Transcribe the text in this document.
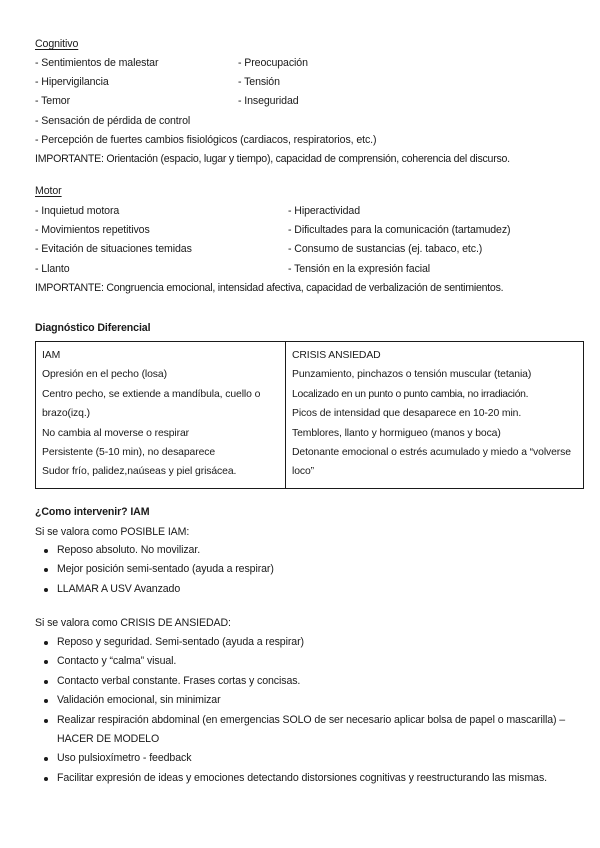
Cognitivo
- Sentimientos de malestar	- Preocupación
- Hipervigilancia	- Tensión
- Temor	- Inseguridad
- Sensación de pérdida de control
- Percepción de fuertes cambios fisiológicos (cardiacos, respiratorios, etc.)
IMPORTANTE: Orientación (espacio, lugar y tiempo), capacidad de comprensión, coherencia del discurso.
Motor
- Inquietud motora	- Hiperactividad
- Movimientos repetitivos	- Dificultades para la comunicación (tartamudez)
- Evitación de situaciones temidas	- Consumo de sustancias (ej. tabaco, etc.)
- Llanto	- Tensión en la expresión facial
IMPORTANTE: Congruencia emocional, intensidad afectiva, capacidad de verbalización de sentimientos.
Diagnóstico Diferencial
IAM
Opresión en el pecho (losa)
Centro pecho, se extiende a mandíbula, cuello o brazo(izq.)
No cambia al moverse o respirar
Persistente (5-10 min), no desaparece
Sudor frío, palidez,naúseas y piel grisácea.

CRISIS ANSIEDAD
Punzamiento, pinchazos o tensión muscular (tetania)
Localizado en un punto o punto cambia, no irradiación.
Picos de intensidad que desaparece en 10-20 min.
Temblores, llanto y hormigueo (manos y boca)
Detonante emocional o estrés acumulado y miedo a “volverse loco”
¿Como intervenir? IAM
Si se valora como POSIBLE IAM:
Reposo absoluto. No movilizar.
Mejor posición semi-sentado (ayuda a respirar)
LLAMAR A USV Avanzado
Si se valora como CRISIS DE ANSIEDAD:
Reposo y seguridad. Semi-sentado (ayuda a respirar)
Contacto y “calma” visual.
Contacto verbal constante. Frases cortas y concisas.
Validación emocional, sin minimizar
Realizar respiración abdominal (en emergencias SOLO de ser necesario aplicar bolsa de papel o mascarilla) – HACER DE MODELO
Uso pulsioxímetro - feedback
Facilitar expresión de ideas y emociones detectando distorsiones cognitivas y reestructurando las mismas.
